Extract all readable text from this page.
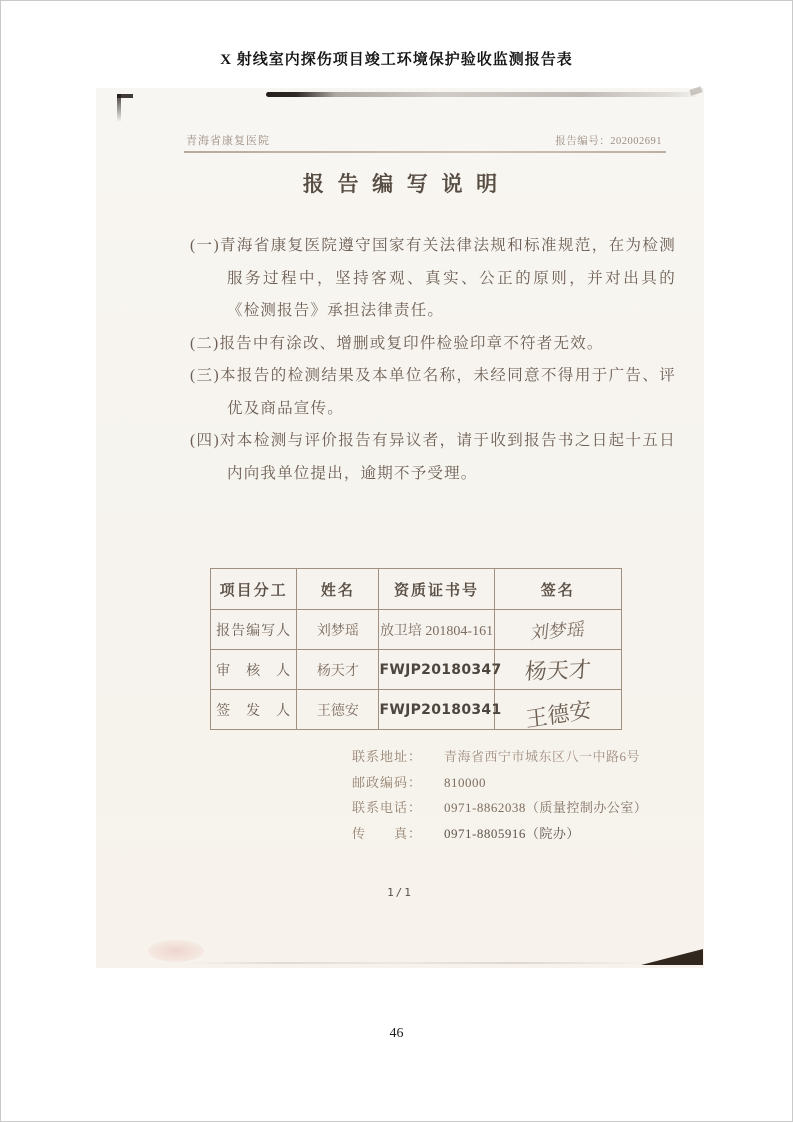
X 射线室内探伤项目竣工环境保护验收监测报告表
青海省康复医院	报告编号：202002691
报告编写说明

(一)青海省康复医院遵守国家有关法律法规和标准规范，在为检测服务过程中，坚持客观、真实、公正的原则，并对出具的《检测报告》承担法律责任。

(二)报告中有涂改、增删或复印件检验印章不符者无效。

(三)本报告的检测结果及本单位名称，未经同意不得用于广告、评优及商品宣传。

(四)对本检测与评价报告有异议者，请于收到报告书之日起十五日内向我单位提出，逾期不予受理。

项目分工	姓名	资质证书号	签名
报告编写人	刘梦瑶	放卫培 201804-161	刘梦瑶
审　核　人	杨天才	FWJP20180347	杨天才
签　发　人	王德安	FWJP20180341	王德安
联系地址：	青海省西宁市城东区八一中路6号
邮政编码：	810000
联系电话：	0971-8862038（质量控制办公室）
传　　真：	0971-8805916（院办）
1/1
46
